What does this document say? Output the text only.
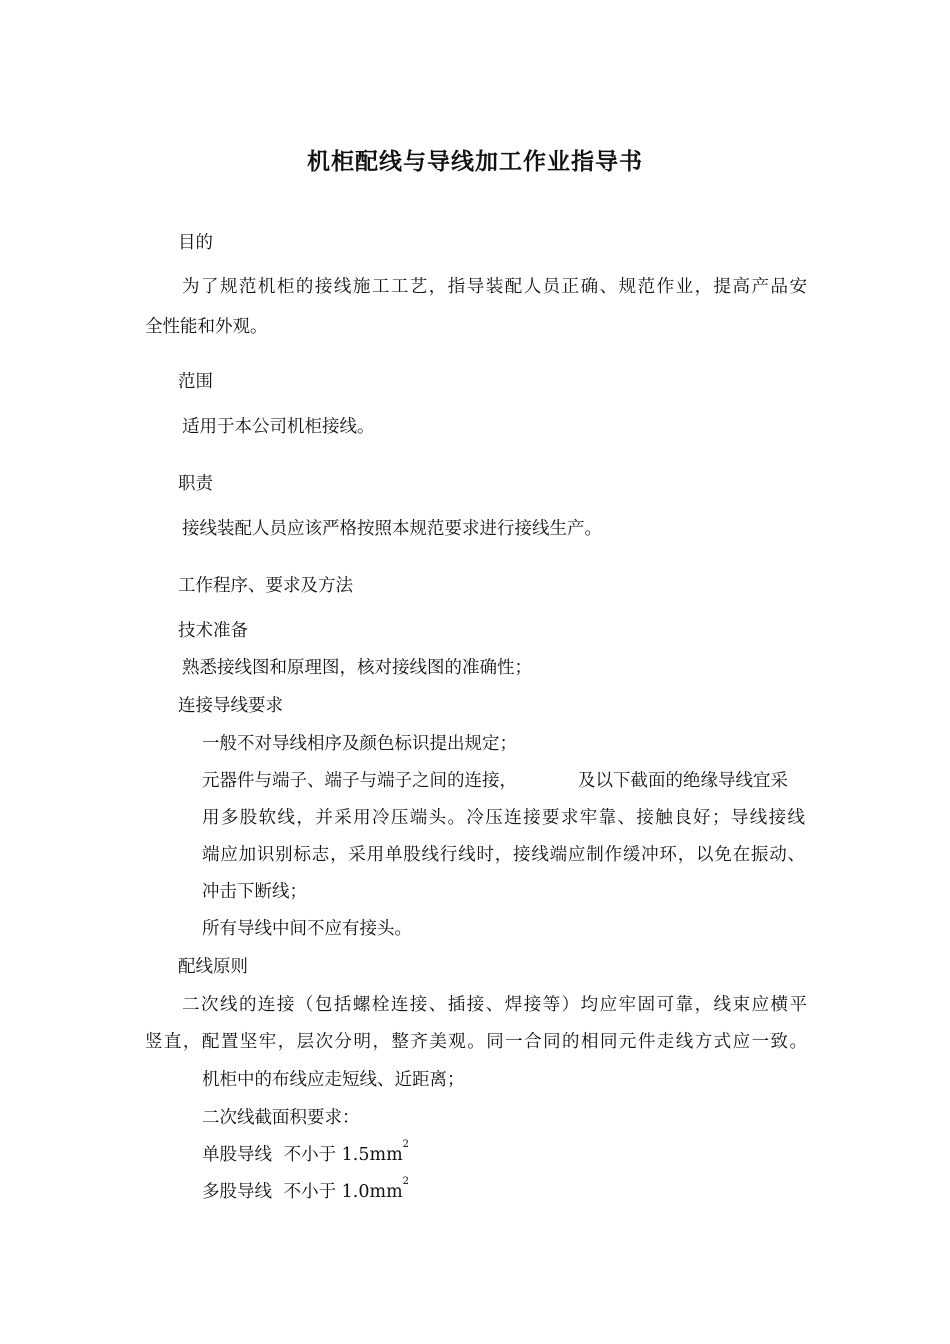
机柜配线与导线加工作业指导书
目的
为了规范机柜的接线施工工艺，指导装配人员正确、规范作业，提高产品安
全性能和外观。
范围
适用于本公司机柜接线。
职责
接线装配人员应该严格按照本规范要求进行接线生产。
工作程序、要求及方法
技术准备
熟悉接线图和原理图，核对接线图的准确性；
连接导线要求
一般不对导线相序及颜色标识提出规定；
元器件与端子、端子与端子之间的连接，	及以下截面的绝缘导线宜采
用多股软线，并采用冷压端头。冷压连接要求牢靠、接触良好；导线接线
端应加识别标志，采用单股线行线时，接线端应制作缓冲环，以免在振动、
冲击下断线；
所有导线中间不应有接头。
配线原则
二次线的连接（包括螺栓连接、插接、焊接等）均应牢固可靠，线束应横平
竖直，配置坚牢，层次分明，整齐美观。同一合同的相同元件走线方式应一致。
机柜中的布线应走短线、近距离；
二次线截面积要求：
单股导线 不小于 $1.5mm^2$
多股导线 不小于 $1.0mm^2$
